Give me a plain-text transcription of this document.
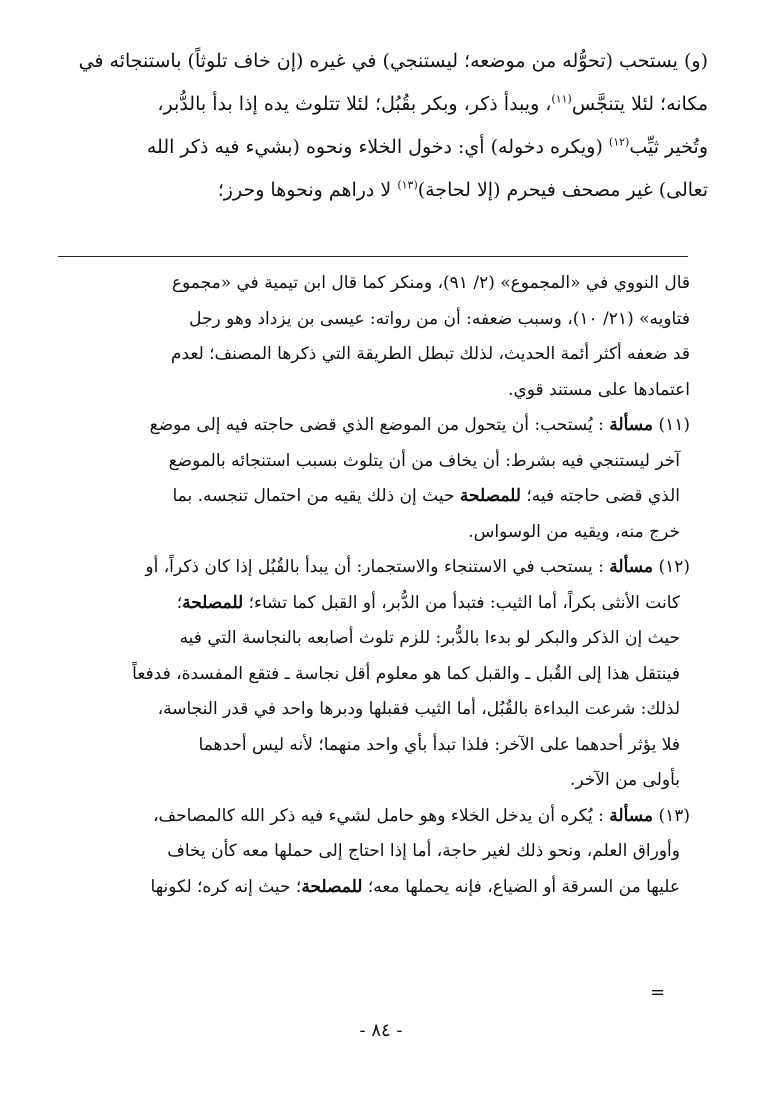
(و) يستحب (تحوُّله من موضعه؛ ليستنجي) في غيره (إن خاف تلوثاً) باستنجائه في
مكانه؛ لئلا يتنجَّس$^{(١١)}$، ويبدأ ذكر، وبكر بقُبُل؛ لئلا تتلوث يده إذا بدأ بالدُّبر،
وتُخير ثيِّب$^{(١٢)}$ (ويكره دخوله) أي: دخول الخلاء ونحوه (بشيء فيه ذكر الله
تعالى) غير مصحف فيحرم (إلا لحاجة)$^{(١٣)}$ لا دراهم ونحوها وحرز؛

قال النووي في «المجموع» (٢/ ٩١)، ومنكر كما قال ابن تيمية في «مجموع
فتاويه» (٢١/ ١٠)، وسبب ضعفه: أن من رواته: عيسى بن يزداد وهو رجل
قد ضعفه أكثر أئمة الحديث، لذلك تبطل الطريقة التي ذكرها المصنف؛ لعدم
اعتمادها على مستند قوي.
(١١) مسألة : يُستحب: أن يتحول من الموضع الذي قضى حاجته فيه إلى موضع
آخر ليستنجي فيه بشرط: أن يخاف من أن يتلوث بسبب استنجائه بالموضع
الذي قضى حاجته فيه؛ للمصلحة حيث إن ذلك يقيه من احتمال تنجسه. بما
خرج منه، ويقيه من الوسواس.
(١٢) مسألة : يستحب في الاستنجاء والاستجمار: أن يبدأ بالقُبُل إذا كان ذكراً، أو
كانت الأنثى بكراً، أما الثيب: فتبدأ من الدُّبر، أو القبل كما تشاء؛ للمصلحة؛
حيث إن الذكر والبكر لو بدءا بالدُّبر: للزم تلوث أصابعه بالنجاسة التي فيه
فينتقل هذا إلى القُبل ـ والقبل كما هو معلوم أقل نجاسة ـ فتقع المفسدة، فدفعاً
لذلك: شرعت البداءة بالقُبُل، أما الثيب فقبلها ودبرها واحد في قدر النجاسة،
فلا يؤثر أحدهما على الآخر: فلذا تبدأ بأي واحد منهما؛ لأنه ليس أحدهما
بأولى من الآخر.
(١٣) مسألة : يُكره أن يدخل الخلاء وهو حامل لشيء فيه ذكر الله كالمصاحف،
وأوراق العلم، ونحو ذلك لغير حاجة، أما إذا احتاج إلى حملها معه كأن يخاف
عليها من السرقة أو الضياع، فإنه يحملها معه؛ للمصلحة؛ حيث إنه كره؛ لكونها
=
- ٨٤ -
